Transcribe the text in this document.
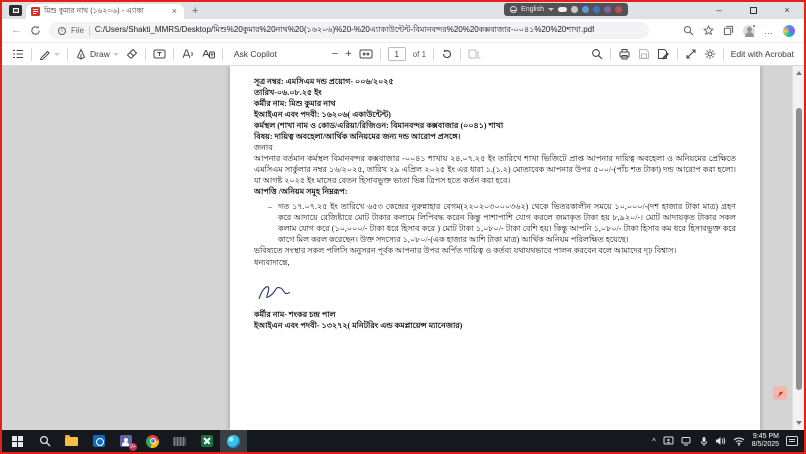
মিশু কুমার নাথ (১৬২০৬) - এ্যাকা	× +	English	–	×
←	i	File C:/Users/Shakti_MMRS/Desktop/মিশু%20কুমার%20নাথ%20(১৬২০৬)%20-%20এ্যাকাউন্টেন্ট-বিমানবন্দর%20%20কক্সবাজার-০০৪১%20%20শাখা.pdf	…
Draw	Ask Copilot	− +
1	of 1	Edit with Acrobat

সূত্র নম্বর: এমসিএম দন্ড প্রয়োগ- ০০৬/২০২৫

তারিখ-০৬.০৮.২৫ ইং

কর্মীর নাম: মিশু কুমার নাথ

ইআইএন এবং পদবী: ১৬২০৬( একাউন্টেন্ট)

কর্মস্থল (শাখা নাম ও কোড/এরিয়া/রিজিওন: বিমানবন্দর কক্সবাজার (০০৪১) শাখা

বিষয়: দায়িত্ব অবহেলা/আর্থিক অনিয়মের জন্য দন্ড আরোপ প্রসঙ্গে।

জনাব

আপনার বর্তমান কর্মস্থল বিমানবন্দর কক্সবাজার -০০৪১ শাখায় ২৪.০৭.২৫ ইং তারিখে শাখা ভিজিটে প্রাপ্ত আপনার দায়িত্ব অবহেলা ও অনিয়মের প্রেক্ষিতে এমসিএম সার্কুলার নম্বর ১৬/২০২৫, তারিখ ২৯ এপ্রিল ২০২৫ ইং এর ধারা ১.(১.২) মোতাবেক আপনার উপর ৫০০/-(পাঁচ শত টাকা) দন্ড আরোপ করা হলো। যা আগষ্ট ২০২৫ ইং মাসের বেতন হিসাবভুক্ত ভাতা ভিন্ন ত্রিপস হতে কর্তন করা হবে।

আপত্তি /অনিয়ম সমূহ নিম্নরূপ:

– গত ১৭.০৭.২৫ ইং তারিখে ৬৫৩ কেন্দ্রের নুরুন্নাহার বেগম(২২০২০৩০০০৩৬২) থেকে ভিতরকালীন সময়ে ১০,০০০/-(দশ হাজার টাকা মাত্র) গ্রহণ করে আদায়ে রেজিষ্টারে মোট টাকার কলামে লিপিবদ্ধ করেন কিন্তু পাশাপাশি যোগ করলে জমাকৃত টাকা হয় ৮,৯২০/-। মোট আদায়কৃত টাকার সকল কলাম যোগ করে (১০,০০০/- টাকা ধরে হিসাব করে ) মোট টাকা ১,০৮০/- টাকা বেশি হয়। কিন্তু আপনি ১,০৮০/- টাকা হিসাব কম ধরে হিসাবভুক্ত করে কাগে মিল করল করেছেন। উক্ত সদস্যের ১,০৮০/-(এক হাজার আশি টাকা মাত্র) আর্থিক অনিয়ম পরিলক্ষিত হয়েছে।

ভবিষ্যতে সংস্থার সকল পলিসি অনুসরন পূর্বক আপনার উপর অর্পিত দায়িত্ব ও কর্তব্য যথাযথভাবে পালন করবেন বলে আমাদের দৃঢ় বিশ্বাস।

ধন্যবাদান্তে,

কর্মীর নাম- শংকর চন্দ্র পাল

ইআইএন এবং পদবী- ১৩২৭২( মনিটরিং এন্ড কমপ্লায়েন্স ম্যানেজার)

9+
^
9:45 PM
8/5/2025
